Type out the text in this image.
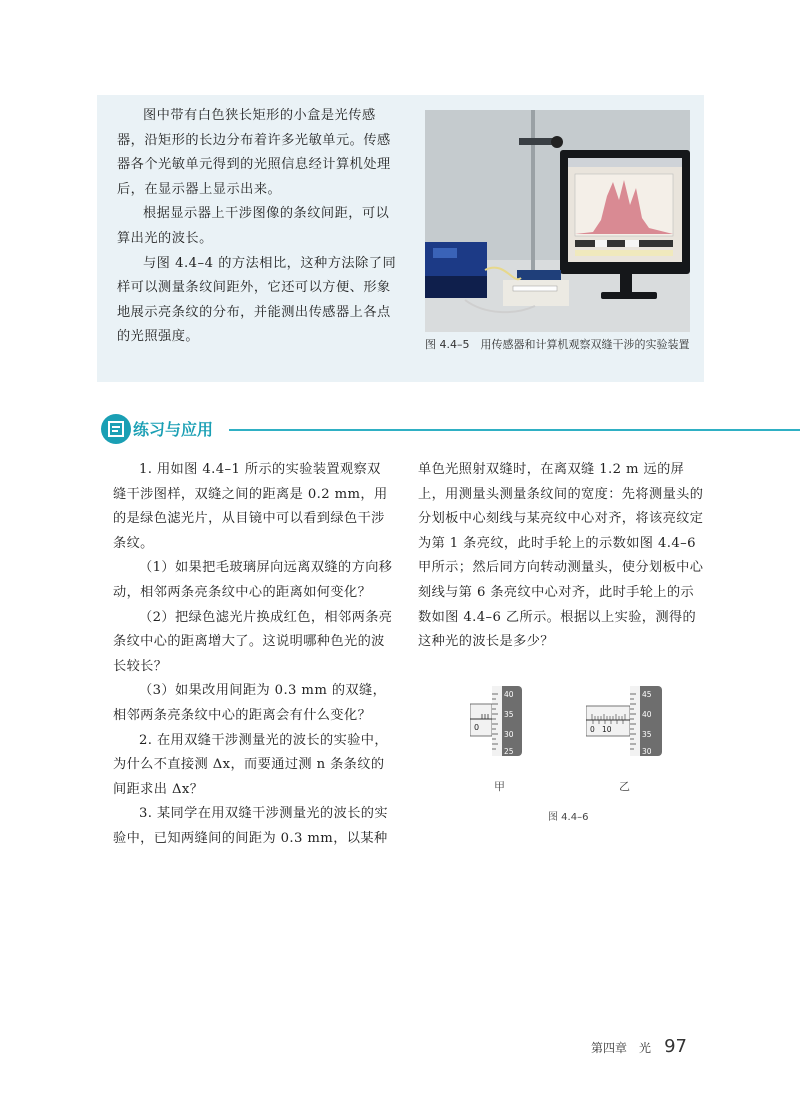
图中带有白色狭长矩形的小盒是光传感器，沿矩形的长边分布着许多光敏单元。传感器各个光敏单元得到的光照信息经计算机处理后，在显示器上显示出来。

根据显示器上干涉图像的条纹间距，可以算出光的波长。

与图 4.4–4 的方法相比，这种方法除了同样可以测量条纹间距外，它还可以方便、形象地展示亮条纹的分布，并能测出传感器上各点的光照强度。

图 4.4–5　用传感器和计算机观察双缝干涉的实验装置
练习与应用

1. 用如图 4.4–1 所示的实验装置观察双缝干涉图样，双缝之间的距离是 0.2 mm，用的是绿色滤光片，从目镜中可以看到绿色干涉条纹。

（1）如果把毛玻璃屏向远离双缝的方向移动，相邻两条亮条纹中心的距离如何变化？

（2）把绿色滤光片换成红色，相邻两条亮条纹中心的距离增大了。这说明哪种色光的波长较长？

（3）如果改用间距为 0.3 mm 的双缝，相邻两条亮条纹中心的距离会有什么变化？

2. 在用双缝干涉测量光的波长的实验中，为什么不直接测 Δx，而要通过测 n 条条纹的间距求出 Δx？

3. 某同学在用双缝干涉测量光的波长的实验中，已知两缝间的间距为 0.3 mm，以某种

单色光照射双缝时，在离双缝 1.2 m 远的屏上，用测量头测量条纹间的宽度：先将测量头的分划板中心刻线与某亮纹中心对齐，将该亮纹定为第 1 条亮纹，此时手轮上的示数如图 4.4–6 甲所示；然后同方向转动测量头，使分划板中心刻线与第 6 条亮纹中心对齐，此时手轮上的示数如图 4.4–6 乙所示。根据以上实验，测得的这种光的波长是多少？

0
40
35
30
25
甲
0 10
45
40
35
30
乙
图 4.4–6
第四章　光 97
